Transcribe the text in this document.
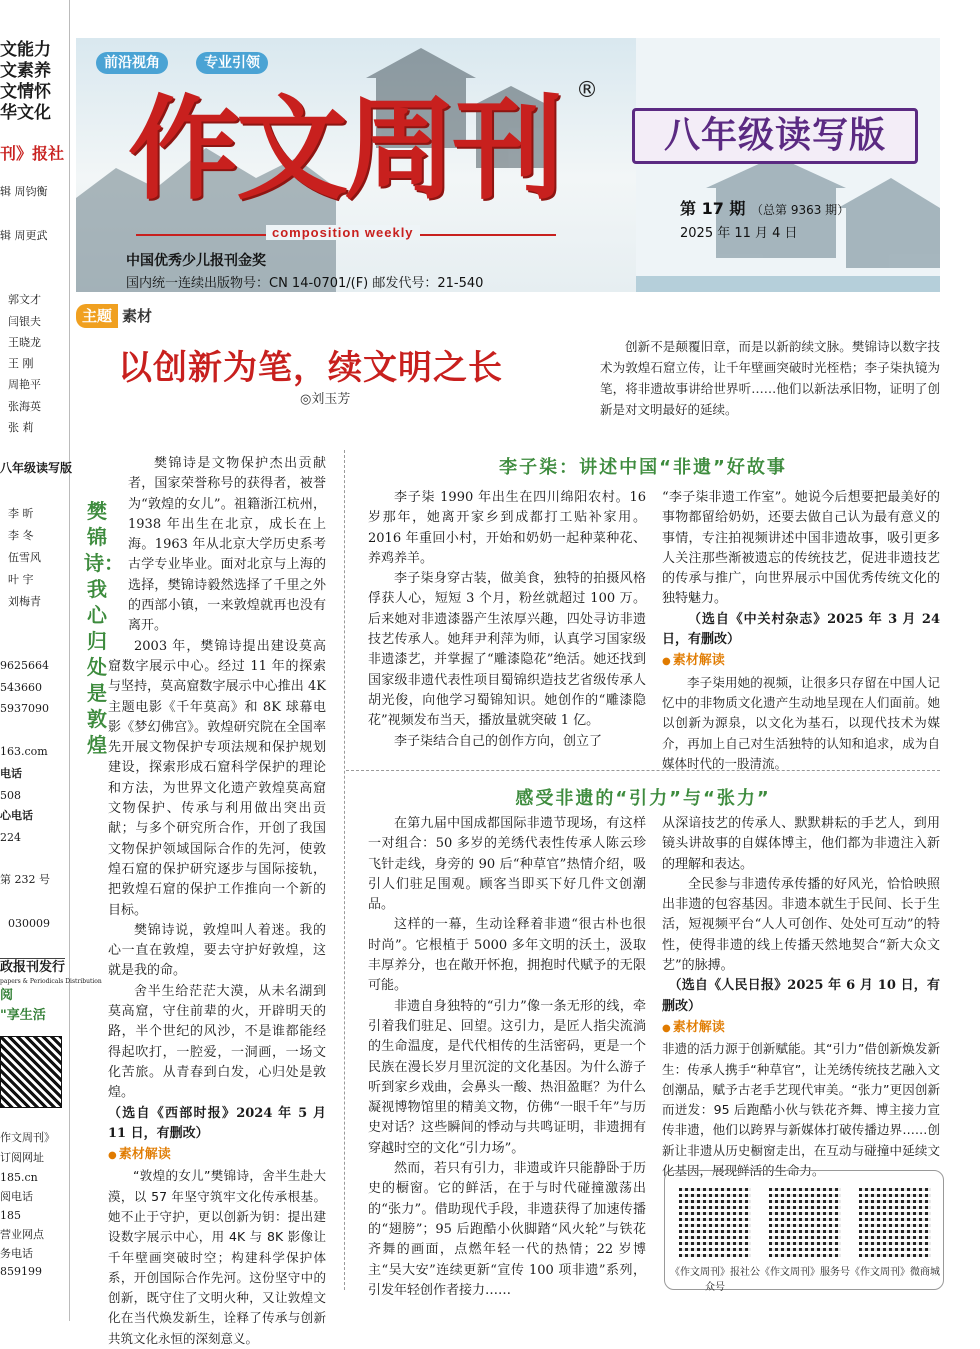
文能力
文素养
文情怀
华文化
刊》报社
辑 周钧衡
辑 周更武
郭文才
闫银夫
王晓龙
王 刚
周艳平
张海英
张 莉
八年级读写版
李 昕
李 冬
伍雪风
叶 宇
刘梅青
9625664
543660
5937090
163.com
电话
508
心电话
224
第 232 号
030009
政报刊发行
papers & Periodicals Distribution
阅
"享生活
作文周刊》
订阅网址
185.cn
阅电话
185
营业网点
务电话
859199
前沿视角	专业引领
作文周刊 ®
composition weekly
中国优秀少儿报刊金奖
国内统一连续出版物号：CN 14-0701/(F) 邮发代号：21-540
八年级读写版
第 17 期 （总第 9363 期）
2025 年 11 月 4 日
主题 素材
以创新为笔，续文明之长
◎刘玉芳
创新不是颠覆旧章，而是以新韵续文脉。樊锦诗以数字技术为敦煌石窟立传，让千年壁画突破时光桎梏；李子柒执镜为笔，将非遗故事讲给世界听……他们以新法承旧物，证明了创新是对文明最好的延续。
樊锦诗：我心归处是敦煌

樊锦诗是文物保护杰出贡献者，国家荣誉称号的获得者，被誉为“敦煌的女儿”。祖籍浙江杭州，1938 年出生在北京，成长在上海。1963 年从北京大学历史系考古学专业毕业。面对北京与上海的选择，樊锦诗毅然选择了千里之外的西部小镇，一来敦煌就再也没有离开。

2003 年，樊锦诗提出建设莫高窟数字展示中心。经过 11 年的探索与坚持，莫高窟数字展示中心推出 4K 主题电影《千年莫高》和 8K 球幕电影《梦幻佛宫》。敦煌研究院在全国率先开展文物保护专项法规和保护规划建设，探索形成石窟科学保护的理论和方法，为世界文化遗产敦煌莫高窟文物保护、传承与利用做出突出贡献；与多个研究所合作，开创了我国文物保护领域国际合作的先河，使敦煌石窟的保护研究逐步与国际接轨，把敦煌石窟的保护工作推向一个新的目标。

樊锦诗说，敦煌叫人着迷。我的心一直在敦煌，要去守护好敦煌，这就是我的命。

舍半生给茫茫大漠，从未名湖到莫高窟，守住前辈的火，开辟明天的路，半个世纪的风沙，不是谁都能经得起吹打，一腔爱，一洞画，一场文化苦旅。从青春到白发，心归处是敦煌。

（选自《西部时报》2024 年 5 月 11 日，有删改）

● 素材解读

“敦煌的女儿”樊锦诗，舍半生赴大漠，以 57 年坚守筑牢文化传承根基。她不止于守护，更以创新为钥：提出建设数字展示中心，用 4K 与 8K 影像让千年壁画突破时空；构建科学保护体系，开创国际合作先河。这份坚守中的创新，既守住了文明火种，又让敦煌文化在当代焕发新生，诠释了传承与创新共筑文化永恒的深刻意义。

李子柒：讲述中国“非遗”好故事

李子柒 1990 年出生在四川绵阳农村。16 岁那年，她离开家乡到成都打工贴补家用。2016 年重回小村，开始和奶奶一起种菜种花、养鸡养羊。

李子柒身穿古装，做美食，独特的拍摄风格俘获人心，短短 3 个月，粉丝就超过 100 万。后来她对非遗漆器产生浓厚兴趣，四处寻访非遗技艺传承人。她拜尹利萍为师，认真学习国家级非遗漆艺，并掌握了“雕漆隐花”绝活。她还找到国家级非遗代表性项目蜀锦织造技艺省级传承人胡光俊，向他学习蜀锦知识。她创作的“雕漆隐花”视频发布当天，播放量就突破 1 亿。

李子柒结合自己的创作方向，创立了

“李子柒非遗工作室”。她说今后想要把最美好的事物都留给奶奶，还要去做自己认为最有意义的事情，专注拍视频讲述中国非遗故事，吸引更多人关注那些渐被遗忘的传统技艺，促进非遗技艺的传承与推广，向世界展示中国优秀传统文化的独特魅力。

（选自《中关村杂志》2025 年 3 月 24 日，有删改）

● 素材解读

李子柒用她的视频，让很多只存留在中国人记忆中的非物质文化遗产生动地呈现在人们面前。她以创新为源泉，以文化为基石，以现代技术为媒介，再加上自己对生活独特的认知和追求，成为自媒体时代的一股清流。

感受非遗的“引力”与“张力”

在第九届中国成都国际非遗节现场，有这样一对组合：50 多岁的羌绣代表性传承人陈云珍飞针走线，身旁的 90 后“种草官”热情介绍，吸引人们驻足围观。顾客当即买下好几件文创潮品。

这样的一幕，生动诠释着非遗“很古朴也很时尚”。它根植于 5000 多年文明的沃土，汲取丰厚养分，也在敞开怀抱，拥抱时代赋予的无限可能。

非遗自身独特的“引力”像一条无形的线，牵引着我们驻足、回望。这引力，是匠人指尖流淌的生命温度，是代代相传的生活密码，更是一个民族在漫长岁月里沉淀的文化基因。为什么游子听到家乡戏曲，会鼻头一酸、热泪盈眶？为什么凝视博物馆里的精美文物，仿佛“一眼千年”与历史对话？这些瞬间的悸动与共鸣证明，非遗拥有穿越时空的文化“引力场”。

然而，若只有引力，非遗或许只能静卧于历史的橱窗。它的鲜活，在于与时代碰撞激荡出的“张力”。借助现代手段，非遗获得了加速传播的“翅膀”；95 后跑酷小伙脚踏“风火轮”与铁花齐舞的画面，点燃年轻一代的热情；22 岁博主“吴大安”连续更新“宣传 100 项非遗”系列，引发年轻创作者接力……

从深谙技艺的传承人、默默耕耘的手艺人，到用镜头讲故事的自媒体博主，他们都为非遗注入新的理解和表达。

全民参与非遗传承传播的好风光，恰恰映照出非遗的包容基因。非遗本就生于民间、长于生活，短视频平台“人人可创作、处处可互动”的特性，使得非遗的线上传播天然地契合“新大众文艺”的脉搏。

（选自《人民日报》2025 年 6 月 10 日，有删改）

● 素材解读

非遗的活力源于创新赋能。其“引力”借创新焕发新生：传承人携手“种草官”，让羌绣传统技艺融入文创潮品，赋予古老手艺现代审美。“张力”更因创新而迸发：95 后跑酷小伙与铁花齐舞、博主接力宣传非遗，他们以跨界与新媒体打破传播边界……创新让非遗从历史橱窗走出，在互动与碰撞中延续文化基因，展现鲜活的生命力。

《作文周刊》报社公众号
《作文周刊》服务号 《作文周刊》微商城
